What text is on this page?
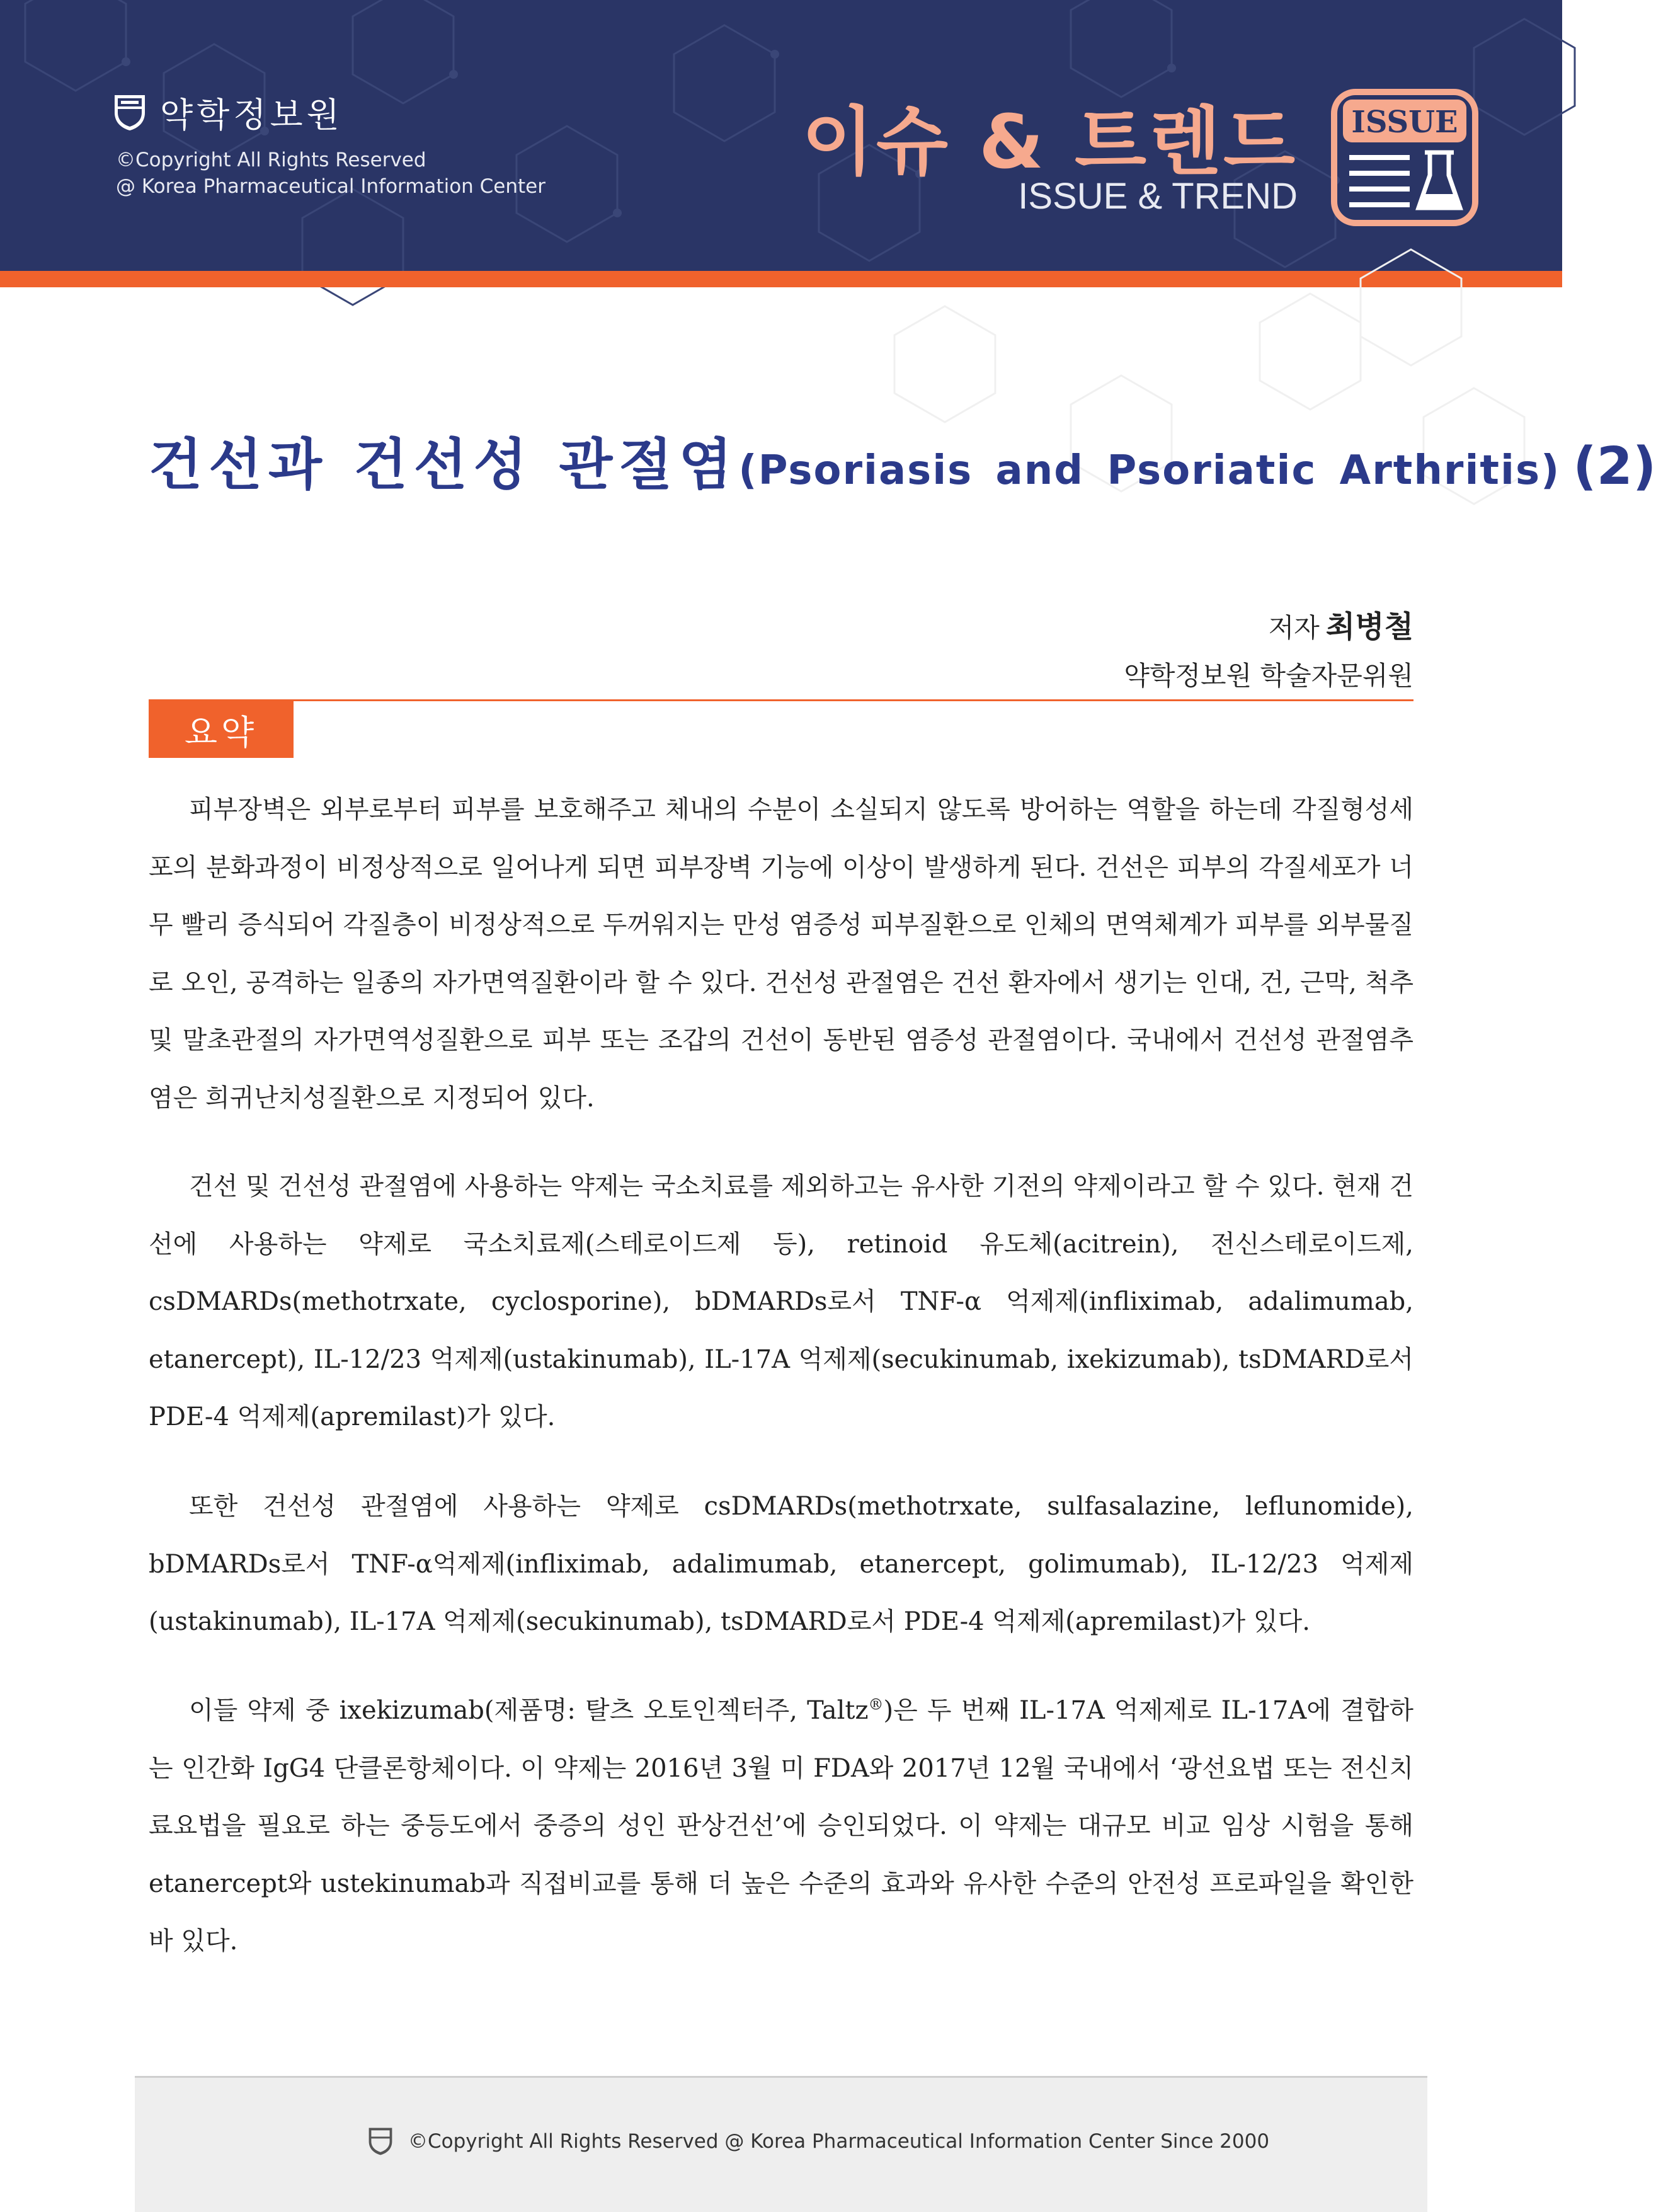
약학정보원
©Copyright All Rights Reserved
@ Korea Pharmaceutical Information Center
이슈 & 트렌드
ISSUE & TREND
ISSUE
건선과 건선성 관절염(Psoriasis and Psoriatic Arthritis) (2)
저자 최병철
약학정보원 학술자문위원
요약

피부장벽은 외부로부터 피부를 보호해주고 체내의 수분이 소실되지 않도록 방어하는 역할을 하는데 각질형성세포의 분화과정이 비정상적으로 일어나게 되면 피부장벽 기능에 이상이 발생하게 된다. 건선은 피부의 각질세포가 너무 빨리 증식되어 각질층이 비정상적으로 두꺼워지는 만성 염증성 피부질환으로 인체의 면역체계가 피부를 외부물질로 오인, 공격하는 일종의 자가면역질환이라 할 수 있다. 건선성 관절염은 건선 환자에서 생기는 인대, 건, 근막, 척추 및 말초관절의 자가면역성질환으로 피부 또는 조갑의 건선이 동반된 염증성 관절염이다. 국내에서 건선성 관절염추염은 희귀난치성질환으로 지정되어 있다.

건선 및 건선성 관절염에 사용하는 약제는 국소치료를 제외하고는 유사한 기전의 약제이라고 할 수 있다. 현재 건선에 사용하는 약제로 국소치료제(스테로이드제 등), retinoid 유도체(acitrein), 전신스테로이드제, csDMARDs(methotrxate, cyclosporine), bDMARDs로서 TNF-α 억제제(infliximab, adalimumab, etanercept), IL-12/23 억제제(ustakinumab), IL-17A 억제제(secukinumab, ixekizumab), tsDMARD로서 PDE-4 억제제(apremilast)가 있다.

또한 건선성 관절염에 사용하는 약제로 csDMARDs(methotrxate, sulfasalazine, leflunomide), bDMARDs로서 TNF-α억제제(infliximab, adalimumab, etanercept, golimumab), IL-12/23 억제제(ustakinumab), IL-17A 억제제(secukinumab), tsDMARD로서 PDE-4 억제제(apremilast)가 있다.

이들 약제 중 ixekizumab(제품명: 탈츠 오토인젝터주, Taltz®)은 두 번째 IL-17A 억제제로 IL-17A에 결합하는 인간화 IgG4 단클론항체이다. 이 약제는 2016년 3월 미 FDA와 2017년 12월 국내에서 ‘광선요법 또는 전신치료요법을 필요로 하는 중등도에서 중증의 성인 판상건선’에 승인되었다. 이 약제는 대규모 비교 임상 시험을 통해 etanercept와 ustekinumab과 직접비교를 통해 더 높은 수준의 효과와 유사한 수준의 안전성 프로파일을 확인한 바 있다.

©Copyright All Rights Reserved @ Korea Pharmaceutical Information Center Since 2000
